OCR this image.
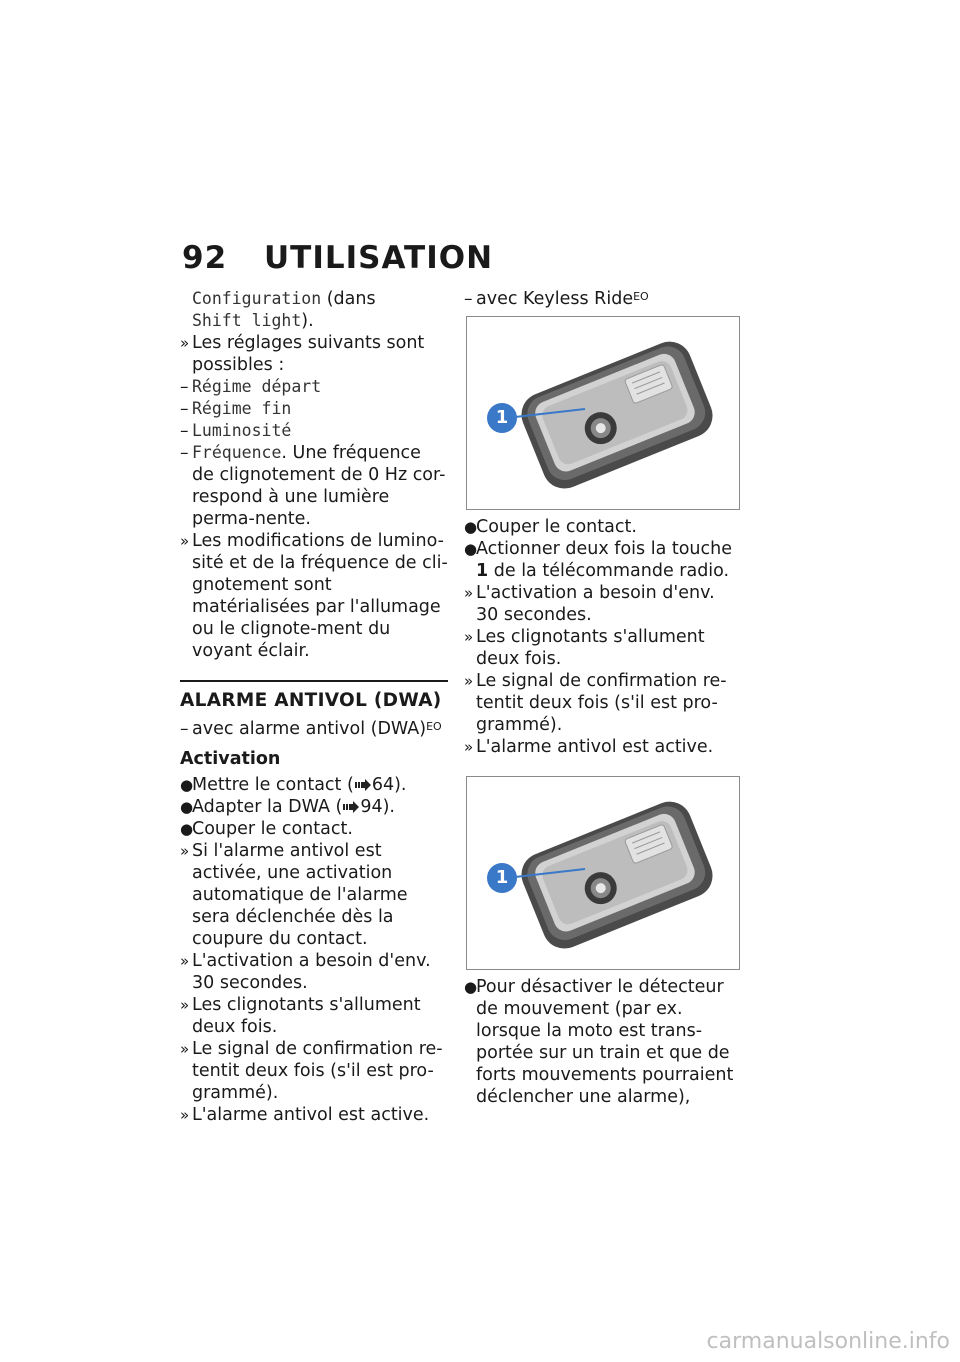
92 UTILISATION
Configuration (dans
Shift light).
» Les réglages suivants sont possibles :
– Régime départ
– Régime fin
– Luminosité
– Fréquence. Une fréquence de clignotement de 0 Hz cor-respond à une lumière perma-nente.
» Les modifications de lumino-sité et de la fréquence de cli-gnotement sont matérialisées par l'allumage ou le clignote-ment du voyant éclair.
ALARME ANTIVOL (DWA)
– avec alarme antivol (DWA)$^{EO}$
Activation
●
Mettre le contact ( 64).
●
Adapter la DWA ( 94).
●
Couper le contact.
» Si l'alarme antivol est activée, une activation automatique de l'alarme sera déclenchée dès la coupure du contact.
» L'activation a besoin d'env. 30 secondes.
» Les clignotants s'allument deux fois.
» Le signal de confirmation re-tentit deux fois (s'il est pro-grammé).
» L'alarme antivol est active.
– avec Keyless Ride$^{EO}$
1
●
Couper le contact.
●
Actionner deux fois la touche 1 de la télécommande radio.
» L'activation a besoin d'env. 30 secondes.
» Les clignotants s'allument deux fois.
» Le signal de confirmation re-tentit deux fois (s'il est pro-grammé).
» L'alarme antivol est active.
1
●
Pour désactiver le détecteur de mouvement (par ex. lorsque la moto est trans-portée sur un train et que de forts mouvements pourraient déclencher une alarme),
carmanualsonline.info
